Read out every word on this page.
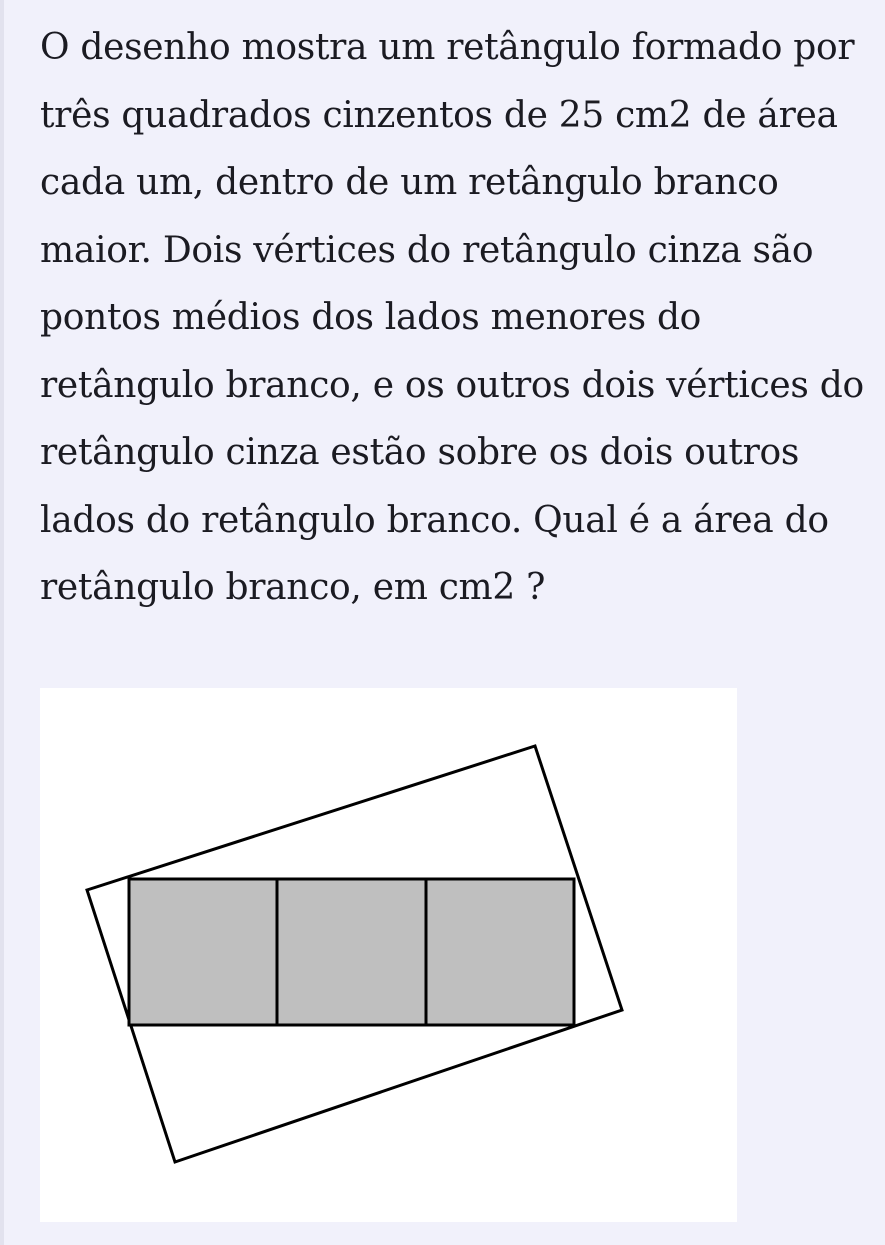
O desenho mostra um retângulo formado por três quadrados cinzentos de 25 cm2 de área cada um, dentro de um retângulo branco maior. Dois vértices do retângulo cinza são pontos médios dos lados menores do retângulo branco, e os outros dois vértices do retângulo cinza estão sobre os dois outros lados do retângulo branco. Qual é a área do retângulo branco, em cm2 ?
